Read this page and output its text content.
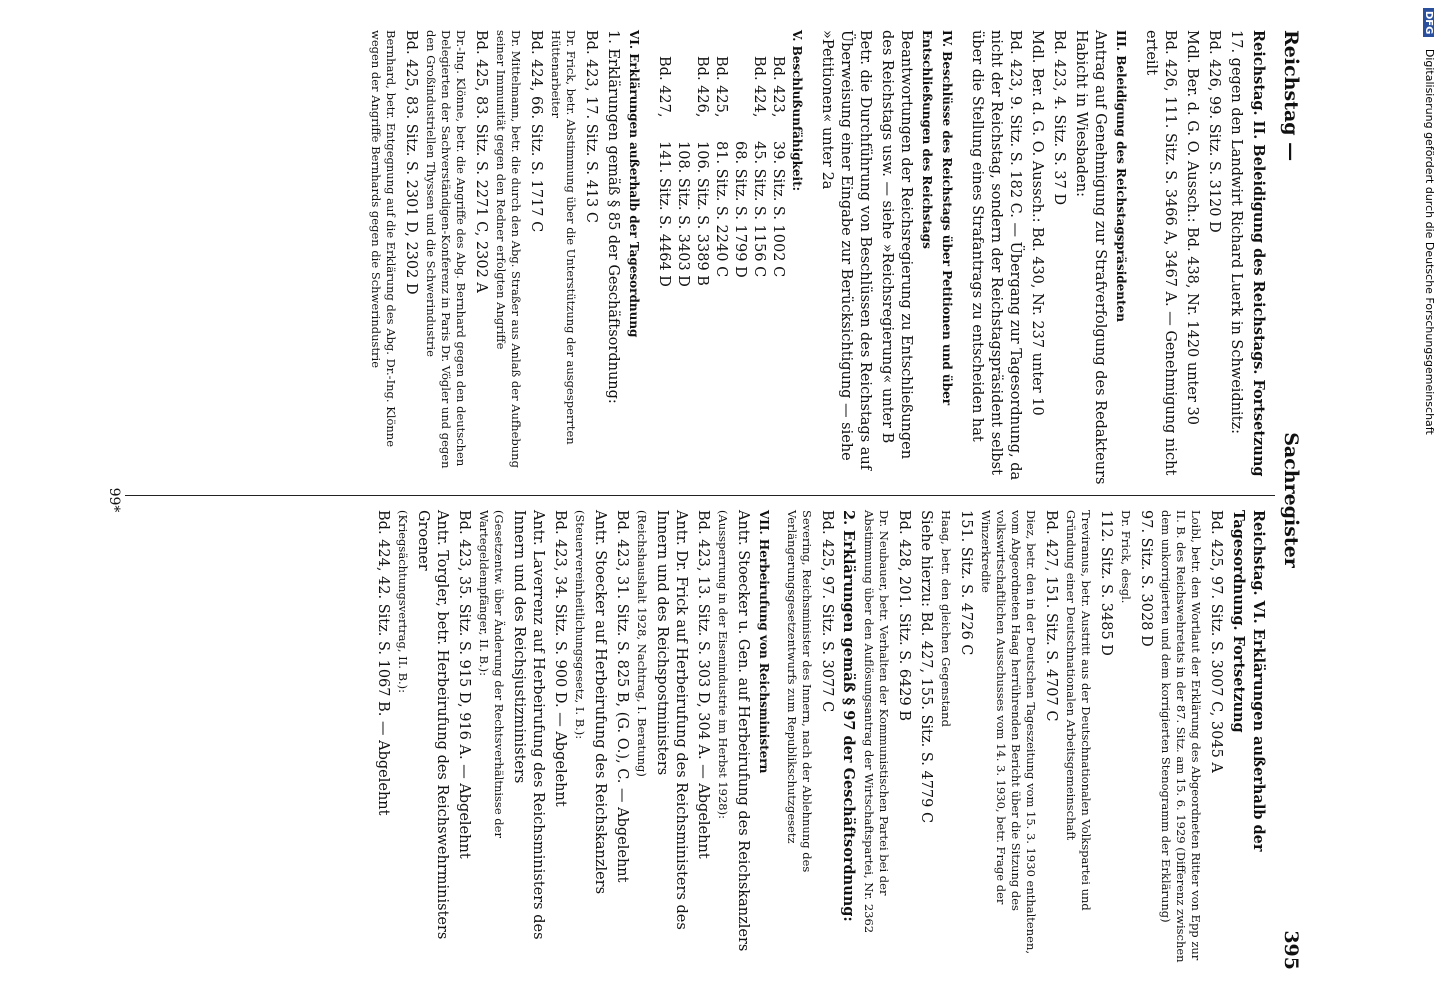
Reichstag —
Sachregister
395
Reichstag. II. Beleidigung des Reichstags. Fortsetzung
17. gegen den Landwirt Richard Luerk in Schweidnitz:
Bd. 426, 99. Sitz. S. 3120 D
Mdl. Ber. d. G. O. Aussch.: Bd. 438, Nr. 1420 unter 30
Bd. 426, 111. Sitz. S. 3466 A, 3467 A. — Genehmigung nicht erteilt
III. Beleidigung des Reichstagspräsidenten
Antrag auf Genehmigung zur Strafverfolgung des Redakteurs Habicht in Wiesbaden:
Bd. 423, 4. Sitz. S. 37 D
Mdl. Ber. d. G. O. Aussch.: Bd. 430, Nr. 237 unter 10
Bd. 423, 9. Sitz. S. 182 C. — Übergang zur Tagesordnung, da nicht der Reichstag, sondern der Reichstagspräsident selbst über die Stellung eines Strafantrags zu entscheiden hat
IV. Beschlüsse des Reichstags über Petitionen und über Entschließungen des Reichstags
Beantwortungen der Reichsregierung zu Entschließungen des Reichstags usw. — siehe »Reichsregierung« unter B
Betr. die Durchführung von Beschlüssen des Reichstags auf Überweisung einer Eingabe zur Berücksichtigung — siehe »Petitionen« unter 2a
V. Beschlußunfähigkeit:
Bd. 423,
39. Sitz. S. 1002 C
Bd. 424,
45. Sitz. S. 1156 C
68. Sitz. S. 1799 D
Bd. 425,
81. Sitz. S. 2240 C
Bd. 426,
106. Sitz. S. 3389 B
108. Sitz. S. 3403 D
Bd. 427,
141. Sitz. S. 4464 D
VI. Erklärungen außerhalb der Tagesordnung
1. Erklärungen gemäß § 85 der Geschäftsordnung:
Bd. 423, 17. Sitz. S. 413 C
Dr. Frick, betr. Abstimmung über die Unterstützung der ausgesperrten Hüttenarbeiter
Bd. 424, 66. Sitz. S. 1717 C
Dr. Mittelmann, betr. die durch den Abg. Straßer aus Anlaß der Aufhebung seiner Immunität gegen den Redner erfolgten Angriffe
Bd. 425, 83. Sitz. S. 2271 C, 2302 A
Dr.-Ing. Klönne, betr. die Angriffe des Abg. Bernhard gegen den deutschen Delegierten der Sachverständigen-Konferenz in Paris Dr. Vögler und gegen den Großindustriellen Thyssen und die Schwerindustrie
Bd. 425, 83. Sitz. S. 2301 D, 2302 D
Bernhard, betr. Entgegnung auf die Erklärung des Abg. Dr.-Ing. Klönne wegen der Angriffe Bernhards gegen die Schwerindustrie
Reichstag. VI. Erklärungen außerhalb der Tagesordnung. Fortsetzung
Bd. 425, 97. Sitz. S. 3007 C, 3045 A
Loibl, betr. den Wortlaut der Erklärung des Abgeordneten Ritter von Epp zur II. B. des Reichswehretats in der 87. Sitz. am 15. 6. 1929 (Differenz zwischen dem unkorrigierten und dem korrigierten Stenogramm der Erklärung)
97. Sitz. S. 3028 D
Dr. Frick, desgl.
112. Sitz. S. 3485 D
Treviranus, betr. Austritt aus der Deutschnationalen Volkspartei und Gründung einer Deutschnationalen Arbeitsgemeinschaft
Bd. 427, 151. Sitz. S. 4707 C
Diez, betr. den in der Deutschen Tageszeitung vom 15. 3. 1930 enthaltenen, vom Abgeordneten Haag herrührenden Bericht über die Sitzung des volkswirtschaftlichen Ausschusses vom 14. 3. 1930, betr. Frage der Winzerkredite
151. Sitz. S. 4726 C
Haag, betr. den gleichen Gegenstand
Siehe hierzu: Bd. 427, 155. Sitz. S. 4779 C
Bd. 428, 201. Sitz. S. 6429 B
Dr. Neubauer, betr. Verhalten der Kommunistischen Partei bei der Abstimmung über den Auflösungsantrag der Wirtschaftspartei, Nr. 2362
2. Erklärungen gemäß § 97 der Geschäftsordnung:
Bd. 425, 97. Sitz. S. 3077 C
Severing, Reichsminister des Innern, nach der Ablehnung des Verlängerungsgesetzentwurfs zum Republikschutzgesetz
VII. Herbeirufung von Reichsministern
Antr. Stoecker u. Gen. auf Herbeirufung des Reichskanzlers
(Aussperrung in der Eisenindustrie im Herbst 1928):
Bd. 423, 13. Sitz. S. 303 D, 304 A. — Abgelehnt
Antr. Dr. Frick auf Herbeirufung des Reichsministers des Innern und des Reichspostministers
(Reichshaushalt 1928, Nachtrag, I. Beratung)
Bd. 423, 31. Sitz. S. 825 B, (G. O.), C. — Abgelehnt
Antr. Stoecker auf Herbeirufung des Reichskanzlers
(Steuervereinheitlichungsgesetz, I. B.):
Bd. 423, 34. Sitz. S. 900 D. — Abgelehnt
Antr. Laverrenz auf Herbeirufung des Reichsministers des Innern und des Reichsjustizministers
(Gesetzentw. über Änderung der Rechtsverhältnisse der Wartegeldempfänger, II. B.):
Bd. 423, 35. Sitz. S. 915 D, 916 A. — Abgelehnt
Antr. Torgler, betr. Herbeirufung des Reichswehrministers Groener
(Kriegsächtungsvertrag, II. B.):
Bd. 424, 42. Sitz. S. 1067 B. — Abgelehnt
99*
DFG Digitalisierung gefördert durch die Deutsche Forschungsgemeinschaft
